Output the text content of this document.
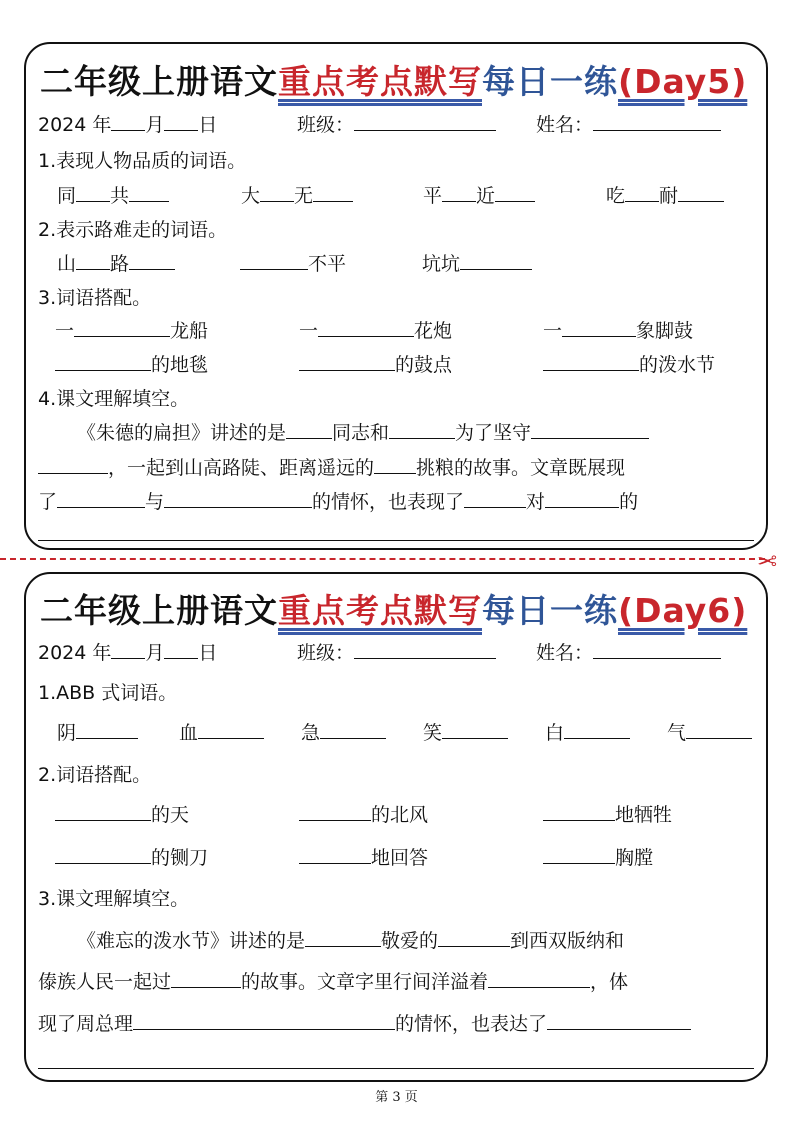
二年级上册语文重点考点默写每日一练(Day5)
2024 年 月 日	班级：	姓名：
1.表现人物品质的词语。
同 共	大 无	平 近	吃 耐
2.表示路难走的词语。
山 路	不平	坑坑
3.词语搭配。
一	龙船	一	花炮	一	象脚鼓
的地毯	的鼓点	的泼水节
4.课文理解填空。
《朱德的扁担》讲述的是 同志和	为了坚守
，一起到山高路陡、距离遥远的 挑粮的故事。文章既展现
了	与	的情怀，也表现了	对	的
✂
二年级上册语文重点考点默写每日一练(Day6)
2024 年 月 日	班级：	姓名：
1.ABB 式词语。
阴	血	急	笑	白	气
2.词语搭配。
的天	的北风	地牺牲
的铡刀	地回答	胸膛
3.课文理解填空。
《难忘的泼水节》讲述的是	敬爱的	到西双版纳和
傣族人民一起过	的故事。文章字里行间洋溢着	，体
现了周总理	的情怀，也表达了
第 3 页
